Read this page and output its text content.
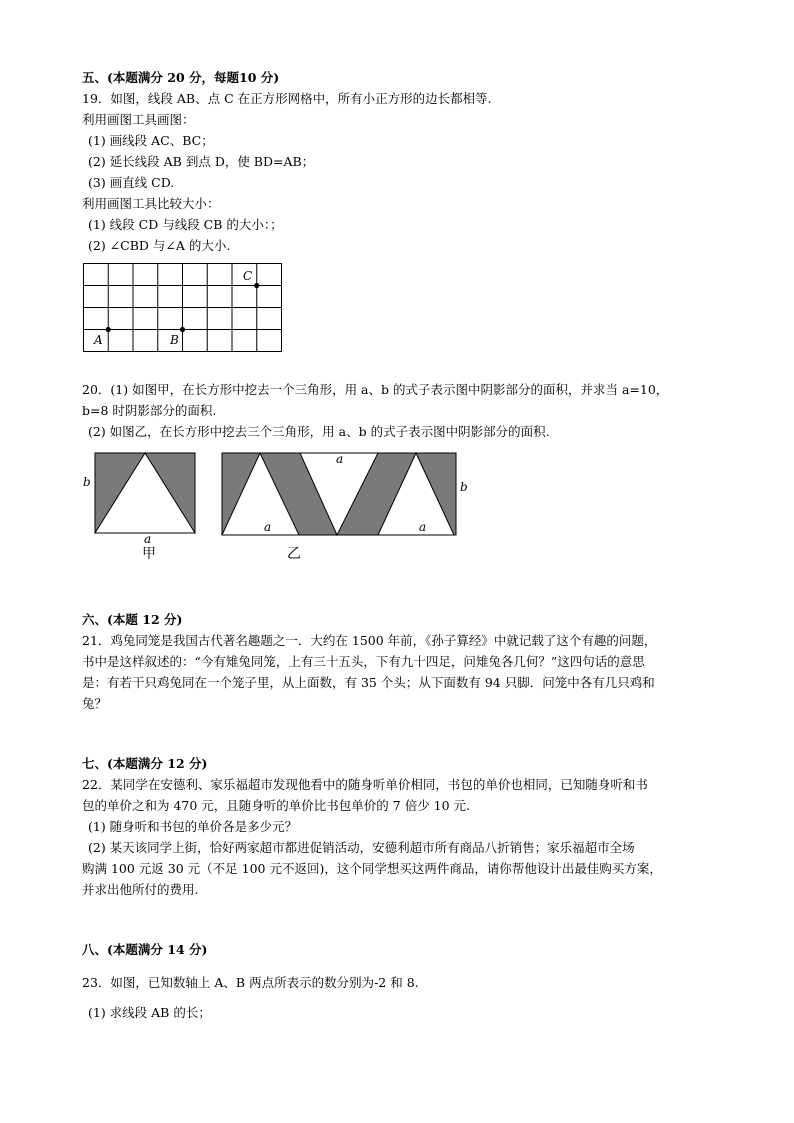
五、(本题满分 20 分，每题10 分)
19．如图，线段 AB、点 C 在正方形网格中，所有小正方形的边长都相等.
利用画图工具画图：
(1) 画线段 AC、BC；
(2) 延长线段 AB 到点 D，使 BD=AB；
(3) 画直线 CD.
利用画图工具比较大小：
(1) 线段 CD 与线段 CB 的大小：；
(2) ∠CBD 与∠A 的大小.
A	B
C
20．(1) 如图甲，在长方形中挖去一个三角形，用 a、b 的式子表示图中阴影部分的面积，并求当 a=10，
b=8 时阴影部分的面积.
(2) 如图乙，在长方形中挖去三个三角形，用 a、b 的式子表示图中阴影部分的面积.
b
a
甲
a
a	a
b
乙
六、(本题 12 分)
21．鸡兔同笼是我国古代著名趣题之一．大约在 1500 年前，《孙子算经》中就记载了这个有趣的问题，
书中是这样叙述的：“今有雉兔同笼，上有三十五头，下有九十四足，问雉兔各几何？”这四句话的意思
是：有若干只鸡兔同在一个笼子里，从上面数，有 35 个头；从下面数有 94 只脚．问笼中各有几只鸡和
兔？
七、(本题满分 12 分)
22．某同学在安德利、家乐福超市发现他看中的随身听单价相同，书包的单价也相同，已知随身听和书
包的单价之和为 470 元，且随身听的单价比书包单价的 7 倍少 10 元.
(1) 随身听和书包的单价各是多少元？
(2) 某天该同学上街，恰好两家超市都进促销活动，安德利超市所有商品八折销售；家乐福超市全场
购满 100 元返 30 元（不足 100 元不返回)，这个同学想买这两件商品，请你帮他设计出最佳购买方案，
并求出他所付的费用.
八、(本题满分 14 分)
23．如图，已知数轴上 A、B 两点所表示的数分别为-2 和 8.
(1) 求线段 AB 的长；
